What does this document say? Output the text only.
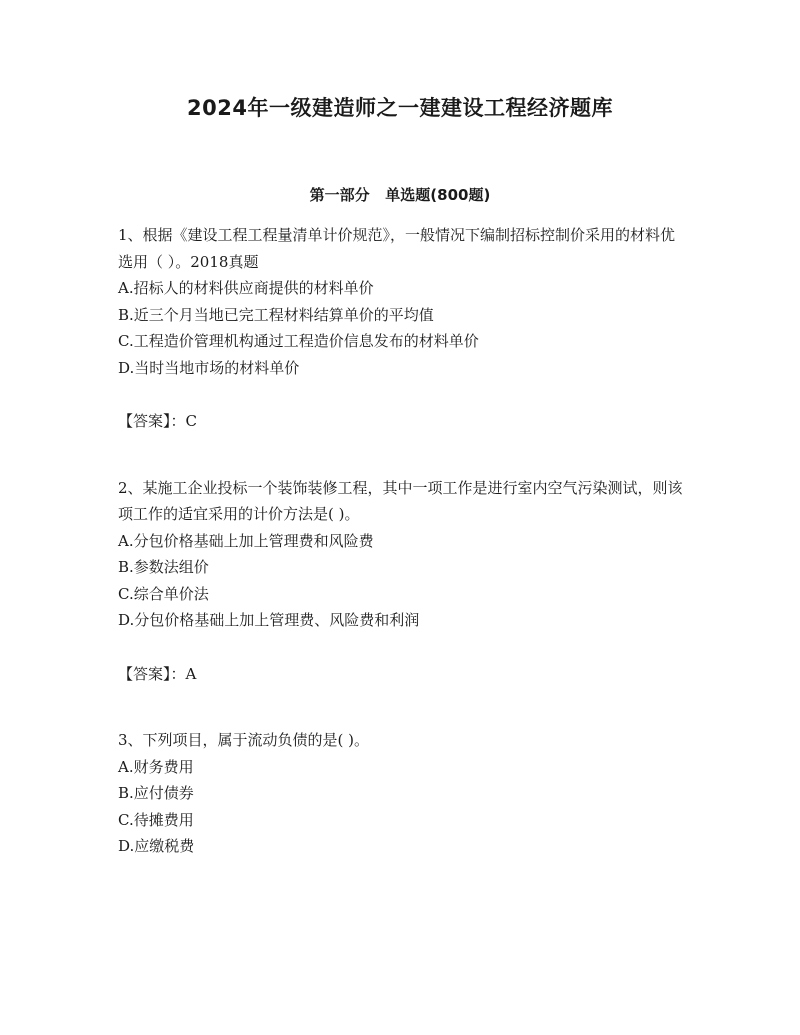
2024年一级建造师之一建建设工程经济题库
第一部分   单选题(800题)

1、根据《建设工程工程量清单计价规范》，一般情况下编制招标控制价采用的材料优选用（ ）。2018真题

A.招标人的材料供应商提供的材料单价

B.近三个月当地已完工程材料结算单价的平均值

C.工程造价管理机构通过工程造价信息发布的材料单价

D.当时当地市场的材料单价

【答案】：C

2、某施工企业投标一个装饰装修工程，其中一项工作是进行室内空气污染测试，则该项工作的适宜采用的计价方法是( )。

A.分包价格基础上加上管理费和风险费

B.参数法组价

C.综合单价法

D.分包价格基础上加上管理费、风险费和利润

【答案】：A

3、下列项目，属于流动负债的是( )。

A.财务费用

B.应付债券

C.待摊费用

D.应缴税费
